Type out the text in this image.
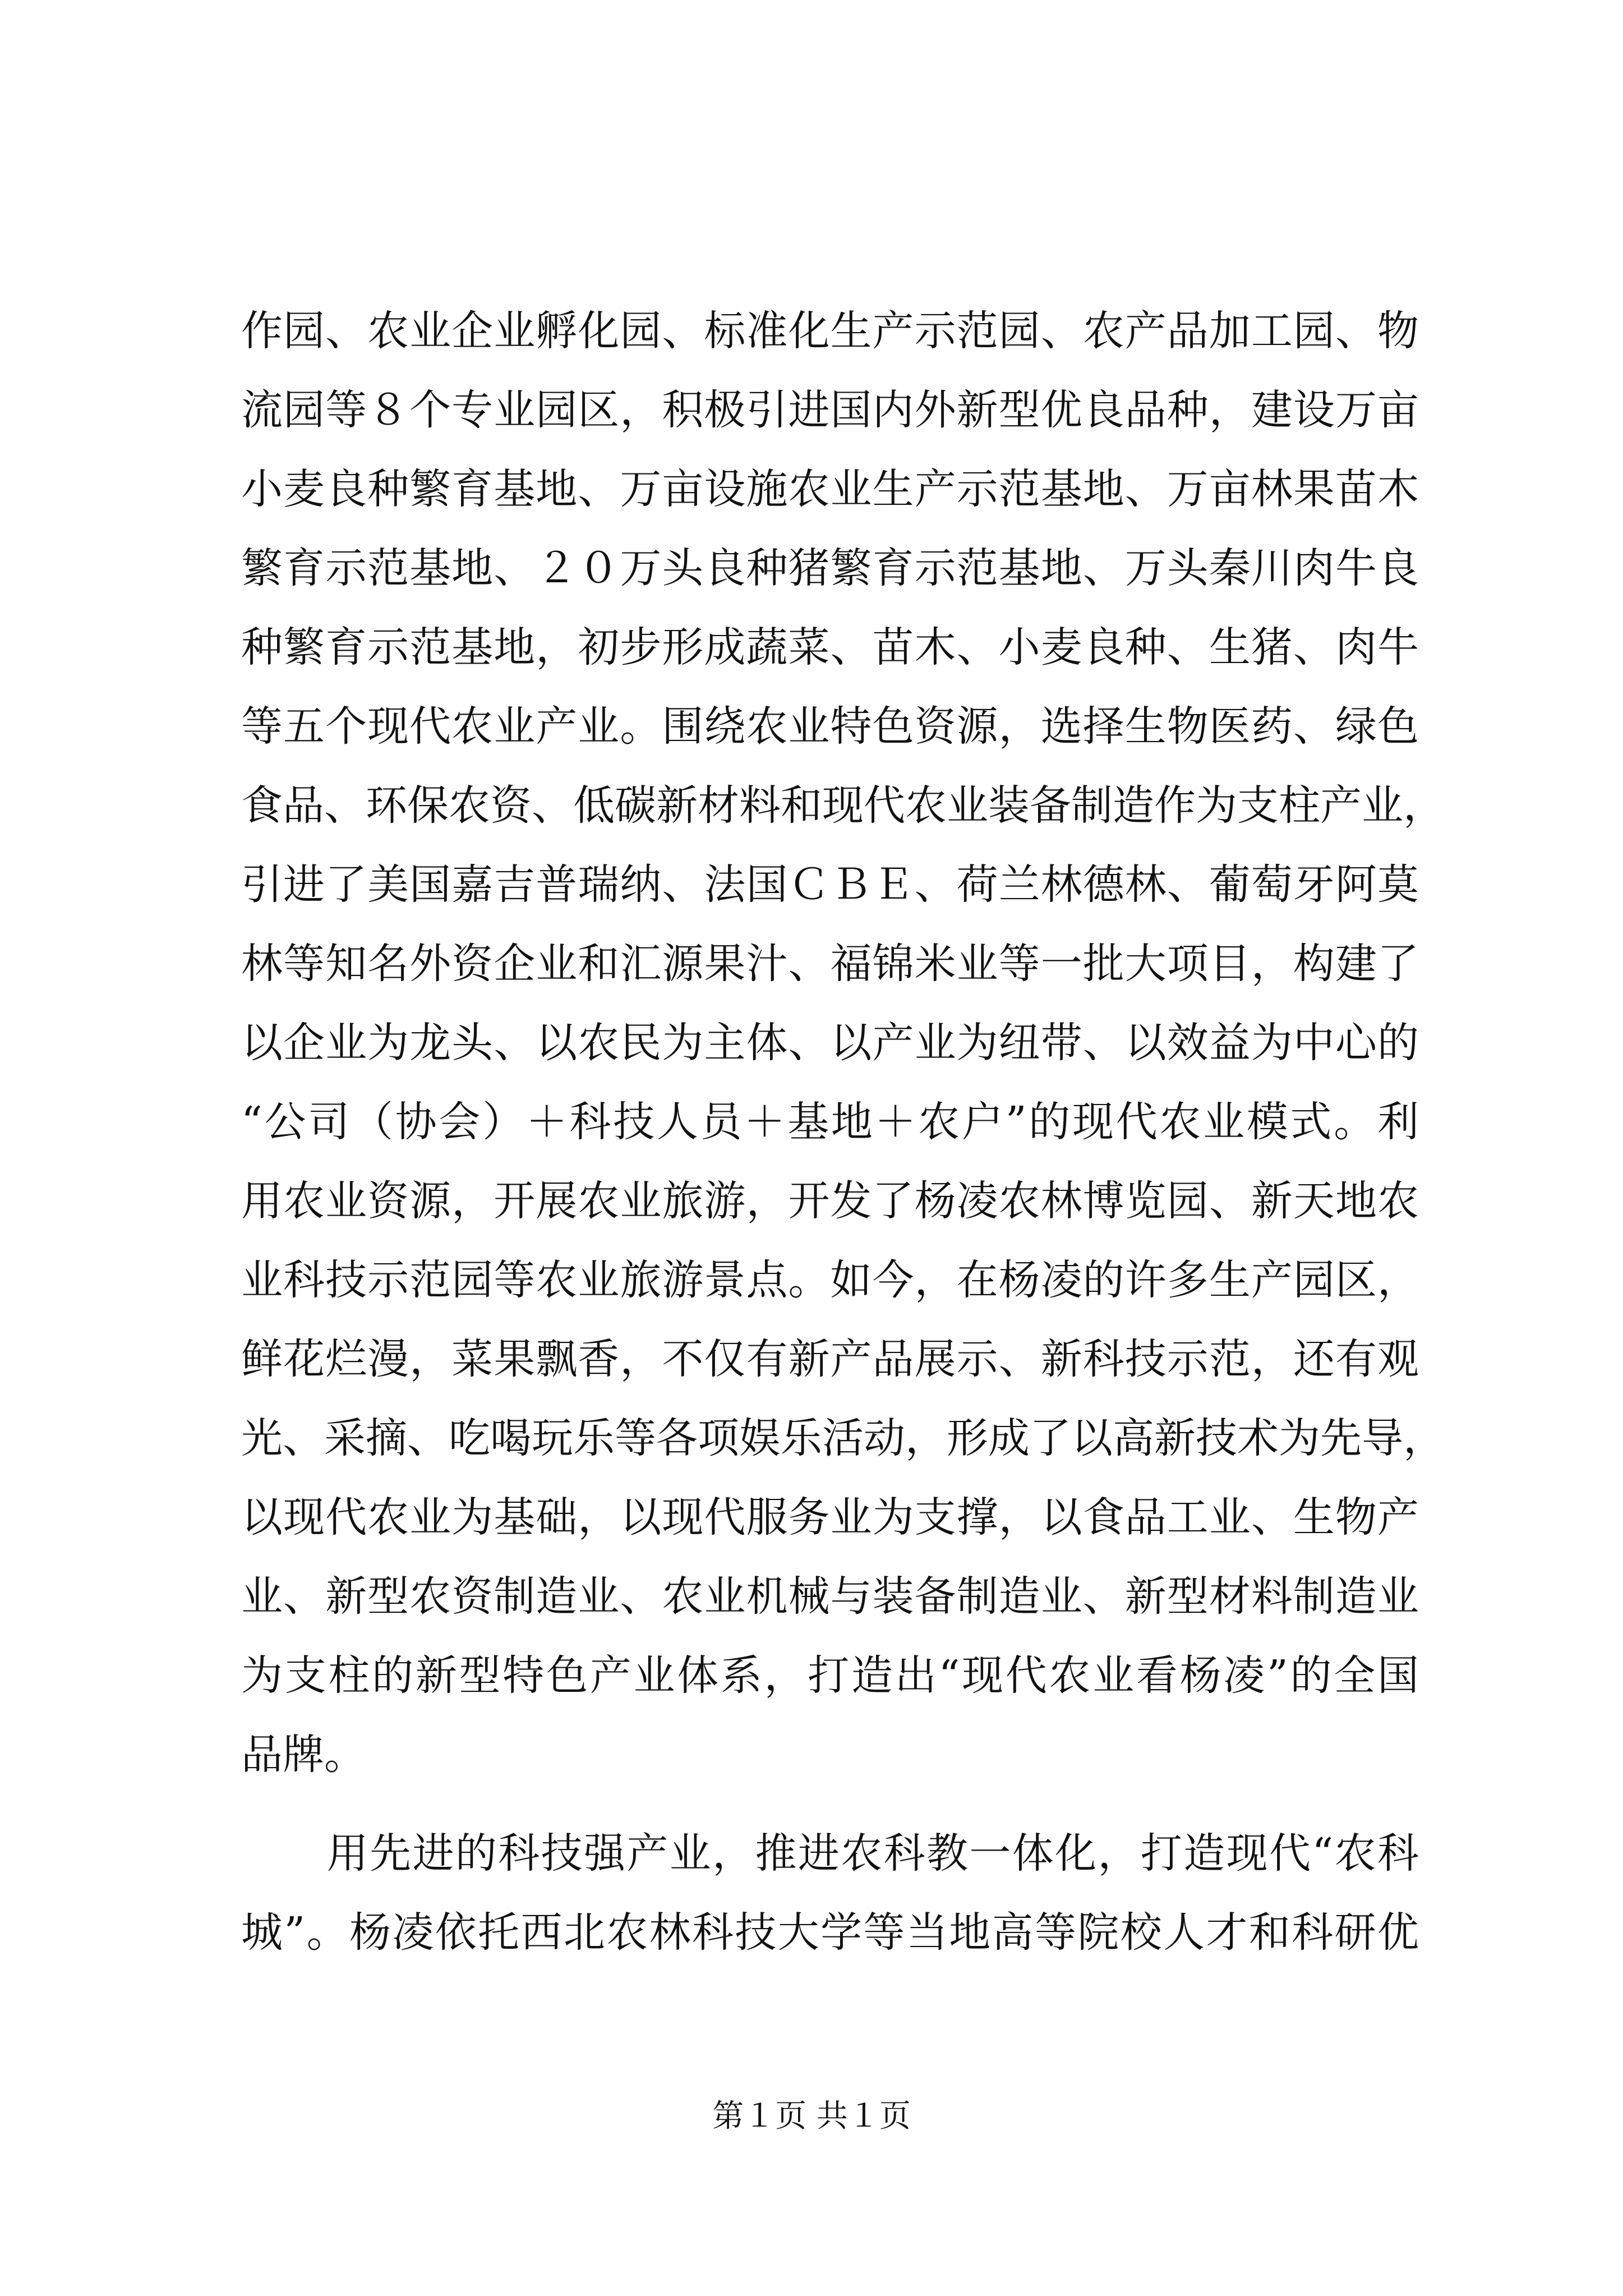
作园、农业企业孵化园、标准化生产示范园、农产品加工园、物
流园等８个专业园区，积极引进国内外新型优良品种，建设万亩
小麦良种繁育基地、万亩设施农业生产示范基地、万亩林果苗木
繁育示范基地、２０万头良种猪繁育示范基地、万头秦川肉牛良
种繁育示范基地，初步形成蔬菜、苗木、小麦良种、生猪、肉牛
等五个现代农业产业。围绕农业特色资源，选择生物医药、绿色
食品、环保农资、低碳新材料和现代农业装备制造作为支柱产业，
引进了美国嘉吉普瑞纳、法国ＣＢＥ、荷兰林德林、葡萄牙阿莫
林等知名外资企业和汇源果汁、福锦米业等一批大项目，构建了
以企业为龙头、以农民为主体、以产业为纽带、以效益为中心的
“公司（协会）＋科技人员＋基地＋农户”的现代农业模式。利
用农业资源，开展农业旅游，开发了杨凌农林博览园、新天地农
业科技示范园等农业旅游景点。如今，在杨凌的许多生产园区，
鲜花烂漫，菜果飘香，不仅有新产品展示、新科技示范，还有观
光、采摘、吃喝玩乐等各项娱乐活动，形成了以高新技术为先导，
以现代农业为基础，以现代服务业为支撑，以食品工业、生物产
业、新型农资制造业、农业机械与装备制造业、新型材料制造业
为支柱的新型特色产业体系，打造出“现代农业看杨凌”的全国
品牌。
　　用先进的科技强产业，推进农科教一体化，打造现代“农科
城”。杨凌依托西北农林科技大学等当地高等院校人才和科研优
第１页 共１页
